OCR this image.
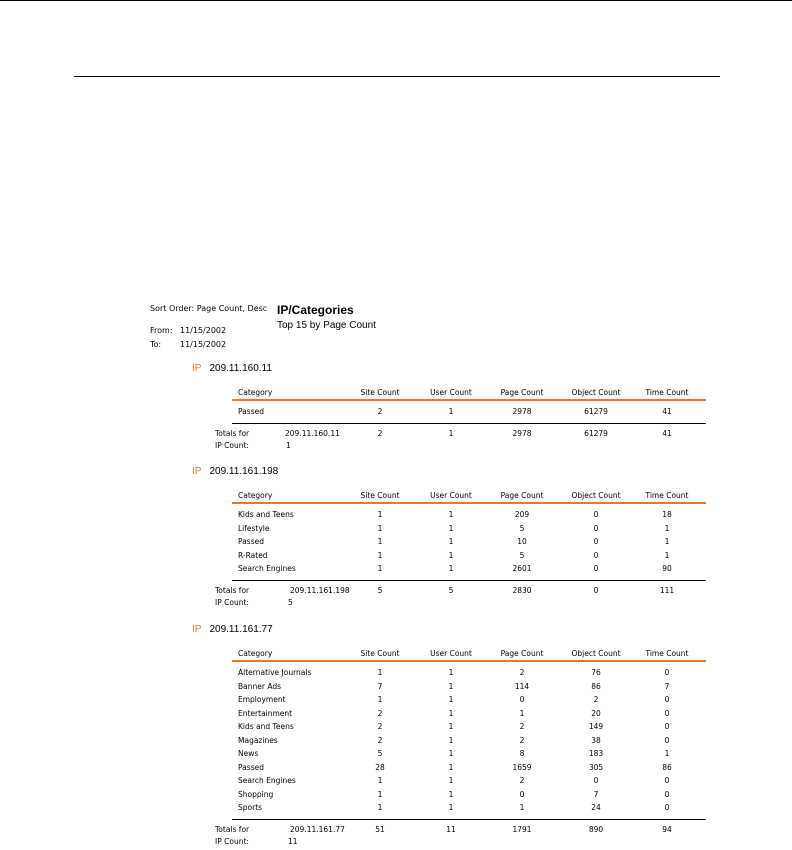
Sort Order: Page Count, Desc
From: 11/15/2002
To: 11/15/2002
IP/Categories
Top 15 by Page Count
IP 209.11.160.11
Category	Site Count	User Count	Page Count	Object Count	Time Count
Passed	2	1	2978	61279	41
Totals for	209.11.160.11	2	1	2978	61279	41
IP Count:	1
IP 209.11.161.198
Category	Site Count	User Count	Page Count	Object Count	Time Count
Kids and Teens	1	1	209	0	18
Lifestyle	1	1	5	0	1
Passed	1	1	10	0	1
R-Rated	1	1	5	0	1
Search Engines	1	1	2601	0	90
Totals for	209.11.161.198	5	5	2830	0	111
IP Count:	5
IP 209.11.161.77
Category	Site Count	User Count	Page Count	Object Count	Time Count
Alternative Journals	1	1	2	76	0
Banner Ads	7	1	114	86	7
Employment	1	1	0	2	0
Entertainment	2	1	1	20	0
Kids and Teens	2	1	2	149	0
Magazines	2	1	2	38	0
News	5	1	8	183	1
Passed	28	1	1659	305	86
Search Engines	1	1	2	0	0
Shopping	1	1	0	7	0
Sports	1	1	1	24	0
Totals for	209.11.161.77	51	11	1791	890	94
IP Count:	11
